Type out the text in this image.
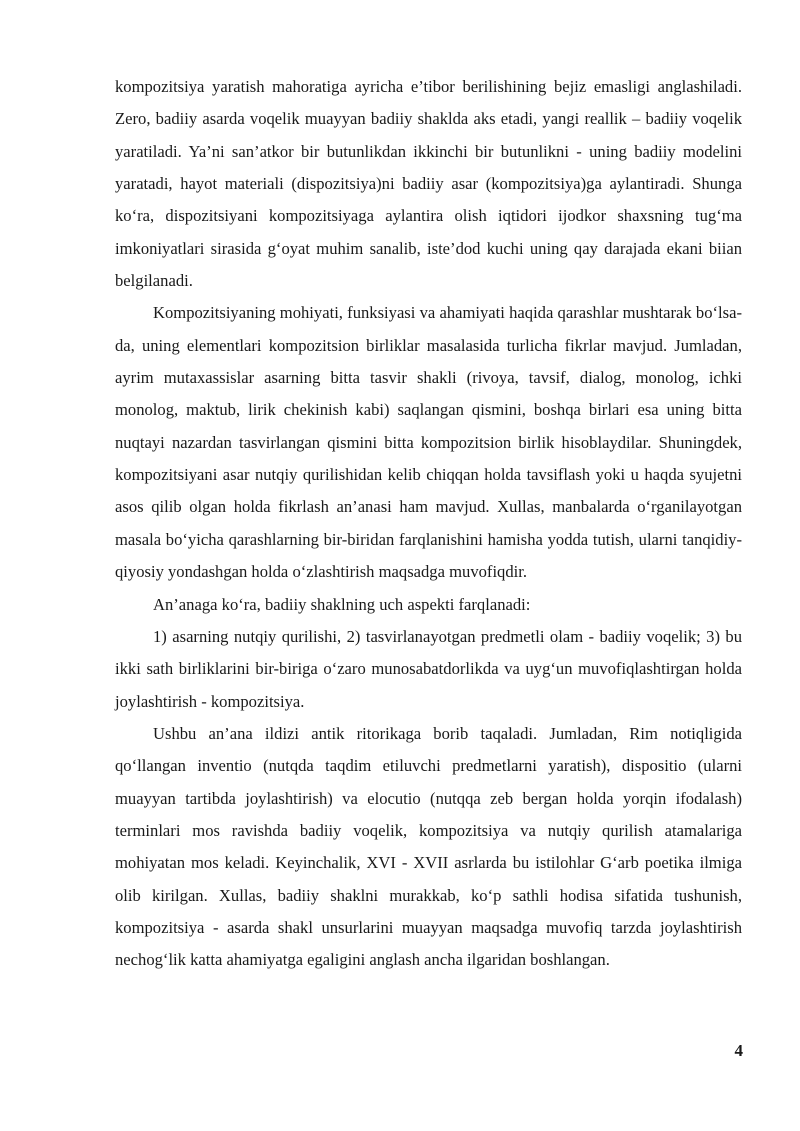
kompozitsiya yaratish mahoratiga ayricha e’tibor berilishining bejiz emasligi anglashiladi. Zero, badiiy asarda voqelik muayyan badiiy shaklda aks etadi, yangi reallik – badiiy voqelik yaratiladi. Ya’ni san’atkor bir butunlikdan ikkinchi bir butunlikni - uning badiiy modelini yaratadi, hayot materiali (dispozitsiya)ni badiiy asar (kompozitsiya)ga aylantiradi. Shunga ko‘ra, dispozitsiyani kompozitsiyaga aylantira olish iqtidori ijodkor shaxsning tug‘ma imkoniyatlari sirasida g‘oyat muhim sanalib, iste’dod kuchi uning qay darajada ekani biian belgilanadi.

Kompozitsiyaning mohiyati, funksiyasi va ahamiyati haqida qarashlar mushtarak bo‘lsa-da, uning elementlari kompozitsion birliklar masalasida turlicha fikrlar mavjud. Jumladan, ayrim mutaxassislar asarning bitta tasvir shakli (rivoya, tavsif, dialog, monolog, ichki monolog, maktub, lirik chekinish kabi) saqlangan qismini, boshqa birlari esa uning bitta nuqtayi nazardan tasvirlangan qismini bitta kompozitsion birlik hisoblaydilar. Shuningdek, kompozitsiyani asar nutqiy qurilishidan kelib chiqqan holda tavsiflash yoki u haqda syujetni asos qilib olgan holda fikrlash an’anasi ham mavjud. Xullas, manbalarda o‘rganilayotgan masala bo‘yicha qarashlarning bir-biridan farqlanishini hamisha yodda tutish, ularni tanqidiy-qiyosiy yondashgan holda o‘zlashtirish maqsadga muvofiqdir.

An’anaga ko‘ra, badiiy shaklning uch aspekti farqlanadi:

1) asarning nutqiy qurilishi, 2) tasvirlanayotgan predmetli olam - badiiy voqelik; 3) bu ikki sath birliklarini bir-biriga o‘zaro munosabatdorlikda va uyg‘un muvofiqlashtirgan holda joylashtirish - kompozitsiya.

Ushbu an’ana ildizi antik ritorikaga borib taqaladi. Jumladan, Rim notiqligida qo‘llangan inventio (nutqda taqdim etiluvchi predmetlarni yaratish), dispositio (ularni muayyan tartibda joylashtirish) va elocutio (nutqqa zeb bergan holda yorqin ifodalash) terminlari mos ravishda badiiy voqelik, kompozitsiya va nutqiy qurilish atamalariga mohiyatan mos keladi. Keyinchalik, XVI - XVII asrlarda bu istilohlar G‘arb poetika ilmiga olib kirilgan. Xullas, badiiy shaklni murakkab, ko‘p sathli hodisa sifatida tushunish, kompozitsiya - asarda shakl unsurlarini muayyan maqsadga muvofiq tarzda joylashtirish nechog‘lik katta ahamiyatga egaligini anglash ancha ilgaridan boshlangan.

4
